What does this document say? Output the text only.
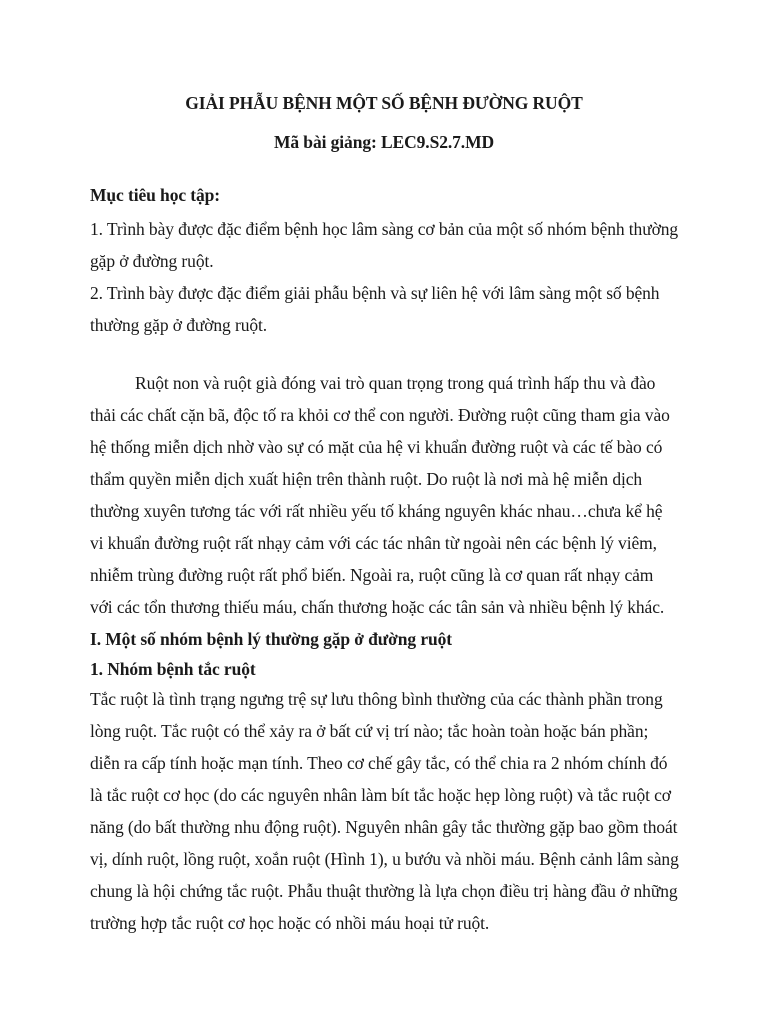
GIẢI PHẪU BỆNH MỘT SỐ BỆNH ĐƯỜNG RUỘT

Mã bài giảng: LEC9.S2.7.MD

Mục tiêu học tập:

1. Trình bày được đặc điểm bệnh học lâm sàng cơ bản của một số nhóm bệnh thường

gặp ở đường ruột.

2. Trình bày được đặc điểm giải phẫu bệnh và sự liên hệ với lâm sàng một số bệnh

thường gặp ở đường ruột.

Ruột non và ruột già đóng vai trò quan trọng trong quá trình hấp thu và đào

thải các chất cặn bã, độc tố ra khỏi cơ thể con người. Đường ruột cũng tham gia vào

hệ thống miễn dịch nhờ vào sự có mặt của hệ vi khuẩn đường ruột và các tế bào có

thẩm quyền miễn dịch xuất hiện trên thành ruột. Do ruột là nơi mà hệ miễn dịch

thường xuyên tương tác với rất nhiều yếu tố kháng nguyên khác nhau…chưa kể hệ

vi khuẩn đường ruột rất nhạy cảm với các tác nhân từ ngoài nên các bệnh lý viêm,

nhiễm trùng đường ruột rất phổ biến. Ngoài ra, ruột cũng là cơ quan rất nhạy cảm

với các tổn thương thiếu máu, chấn thương hoặc các tân sản và nhiều bệnh lý khác.

I. Một số nhóm bệnh lý thường gặp ở đường ruột

1. Nhóm bệnh tắc ruột

Tắc ruột là tình trạng ngưng trệ sự lưu thông bình thường của các thành phần trong

lòng ruột. Tắc ruột có thể xảy ra ở bất cứ vị trí nào; tắc hoàn toàn hoặc bán phần;

diễn ra cấp tính hoặc mạn tính. Theo cơ chế gây tắc, có thể chia ra 2 nhóm chính đó

là tắc ruột cơ học (do các nguyên nhân làm bít tắc hoặc hẹp lòng ruột) và tắc ruột cơ

năng (do bất thường nhu động ruột). Nguyên nhân gây tắc thường gặp bao gồm thoát

vị, dính ruột, lồng ruột, xoắn ruột (Hình 1), u bướu và nhồi máu. Bệnh cảnh lâm sàng

chung là hội chứng tắc ruột. Phẫu thuật thường là lựa chọn điều trị hàng đầu ở những

trường hợp tắc ruột cơ học hoặc có nhồi máu hoại tử ruột.
